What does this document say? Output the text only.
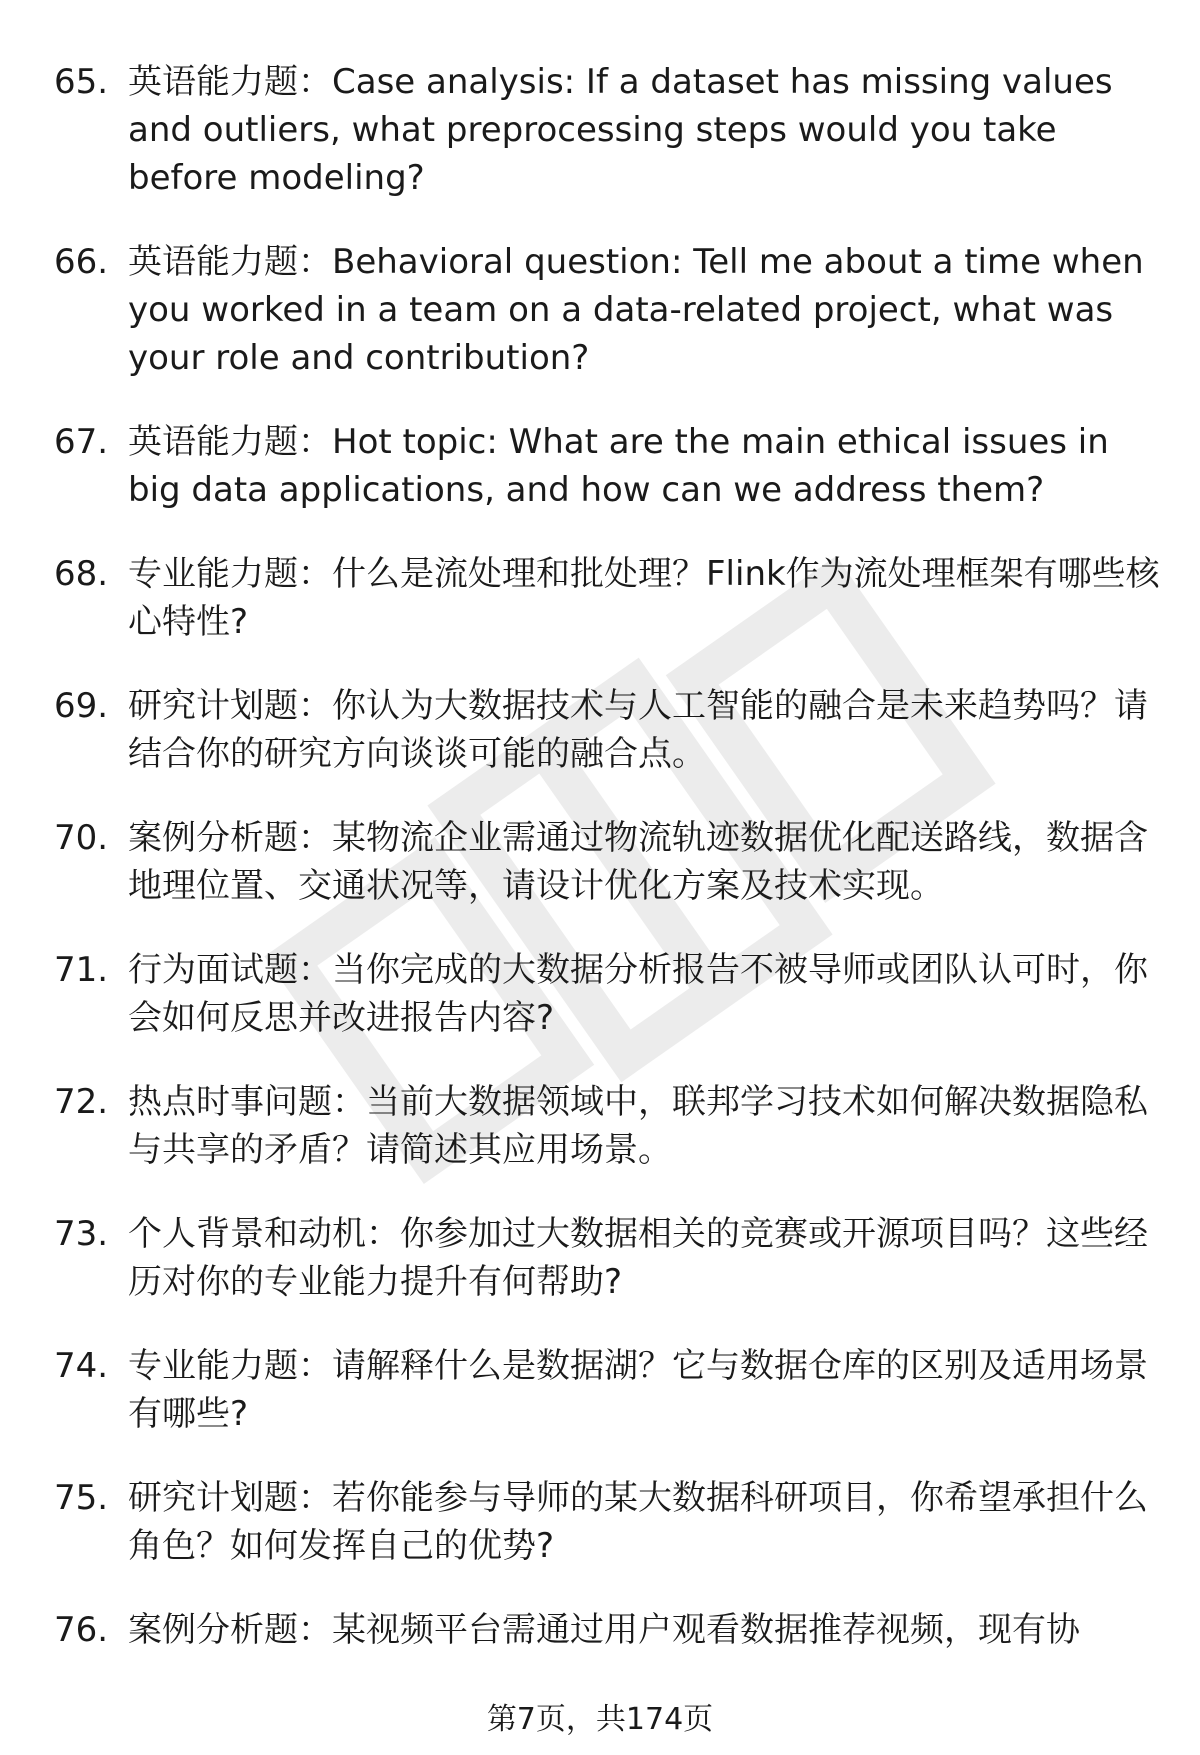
65. 英语能力题：Case analysis: If a dataset has missing values and outliers, what preprocessing steps would you take before modeling?
66. 英语能力题：Behavioral question: Tell me about a time when you worked in a team on a data-related project, what was your role and contribution?
67. 英语能力题：Hot topic: What are the main ethical issues in big data applications, and how can we address them?
68. 专业能力题：什么是流处理和批处理？Flink作为流处理框架有哪些核心特性?
69. 研究计划题：你认为大数据技术与人工智能的融合是未来趋势吗？请结合你的研究方向谈谈可能的融合点。
70. 案例分析题：某物流企业需通过物流轨迹数据优化配送路线，数据含地理位置、交通状况等，请设计优化方案及技术实现。
71. 行为面试题：当你完成的大数据分析报告不被导师或团队认可时，你会如何反思并改进报告内容?
72. 热点时事问题：当前大数据领域中，联邦学习技术如何解决数据隐私与共享的矛盾？请简述其应用场景。
73. 个人背景和动机：你参加过大数据相关的竞赛或开源项目吗？这些经历对你的专业能力提升有何帮助?
74. 专业能力题：请解释什么是数据湖？它与数据仓库的区别及适用场景有哪些?
75. 研究计划题：若你能参与导师的某大数据科研项目，你希望承担什么角色？如何发挥自己的优势?
76. 案例分析题：某视频平台需通过用户观看数据推荐视频，现有协
第7页，共174页
